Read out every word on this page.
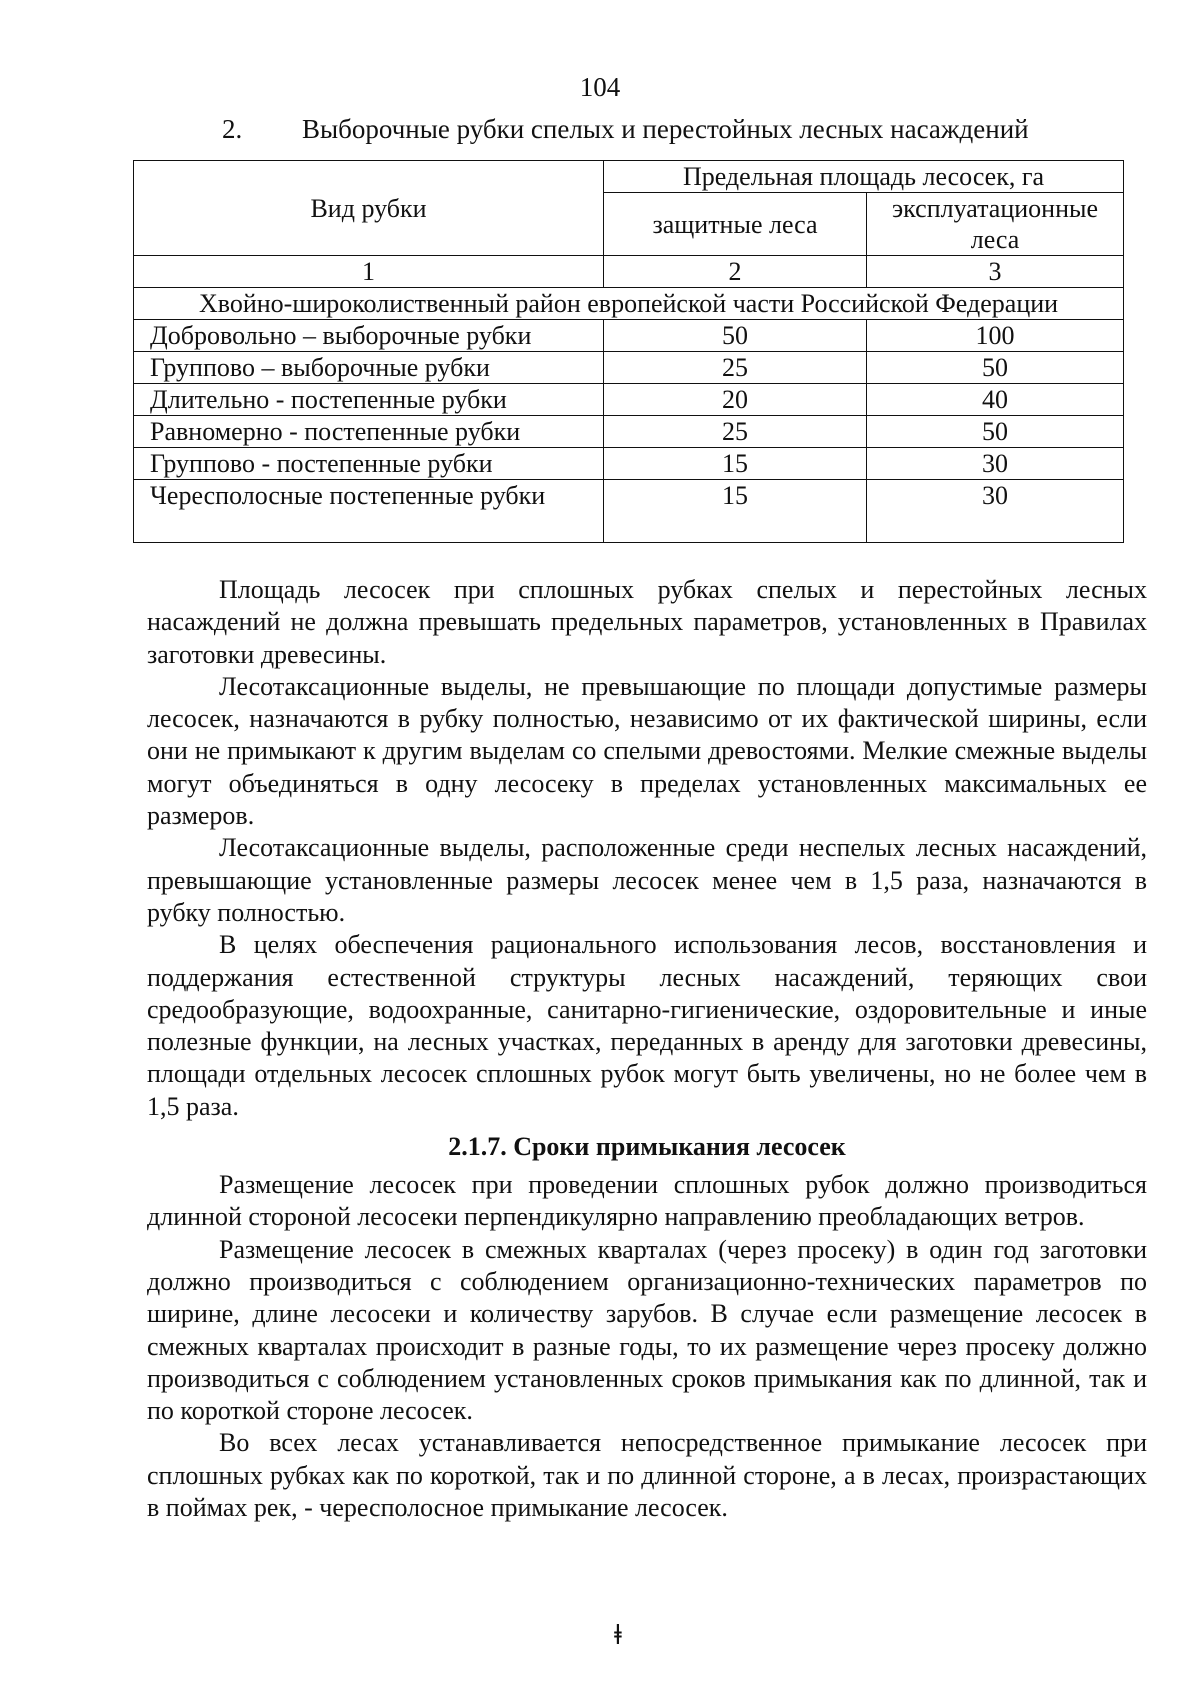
104
2. Выборочные рубки спелых и перестойных лесных насаждений
Вид рубки	Предельная площадь лесосек, га	
	защитные леса	эксплуатационные леса
1	2	3
Хвойно-широколиственный район европейской части Российской Федерации		
Добровольно – выборочные рубки	50	100
Группово – выборочные рубки	25	50
Длительно - постепенные рубки	20	40
Равномерно - постепенные рубки	25	50
Группово - постепенные рубки	15	30
Чересполосные постепенные рубки	15	30

Площадь лесосек при сплошных рубках спелых и перестойных лесных насаждений не должна превышать предельных параметров, установленных в Правилах заготовки древесины.

Лесотаксационные выделы, не превышающие по площади допустимые размеры лесосек, назначаются в рубку полностью, независимо от их фактической ширины, если они не примыкают к другим выделам со спелыми древостоями. Мелкие смежные выделы могут объединяться в одну лесосеку в пределах установленных максимальных ее размеров.

Лесотаксационные выделы, расположенные среди неспелых лесных насаждений, превышающие установленные размеры лесосек менее чем в 1,5 раза, назначаются в рубку полностью.

В целях обеспечения рационального использования лесов, восстановления и поддержания естественной структуры лесных насаждений, теряющих свои средообразующие, водоохранные, санитарно-гигиенические, оздоровительные и иные полезные функции, на лесных участках, переданных в аренду для заготовки древесины, площади отдельных лесосек сплошных рубок могут быть увеличены, но не более чем в 1,5 раза.

2.1.7. Сроки примыкания лесосек

Размещение лесосек при проведении сплошных рубок должно производиться длинной стороной лесосеки перпендикулярно направлению преобладающих ветров.

Размещение лесосек в смежных кварталах (через просеку) в один год заготовки должно производиться с соблюдением организационно-технических параметров по ширине, длине лесосеки и количеству зарубов. В случае если размещение лесосек в смежных кварталах происходит в разные годы, то их размещение через просеку должно производиться с соблюдением установленных сроков примыкания как по длинной, так и по короткой стороне лесосек.

Во всех лесах устанавливается непосредственное примыкание лесосек при сплошных рубках как по короткой, так и по длинной стороне, а в лесах, произрастающих в поймах рек, - чересполосное примыкание лесосек.

ǂ
